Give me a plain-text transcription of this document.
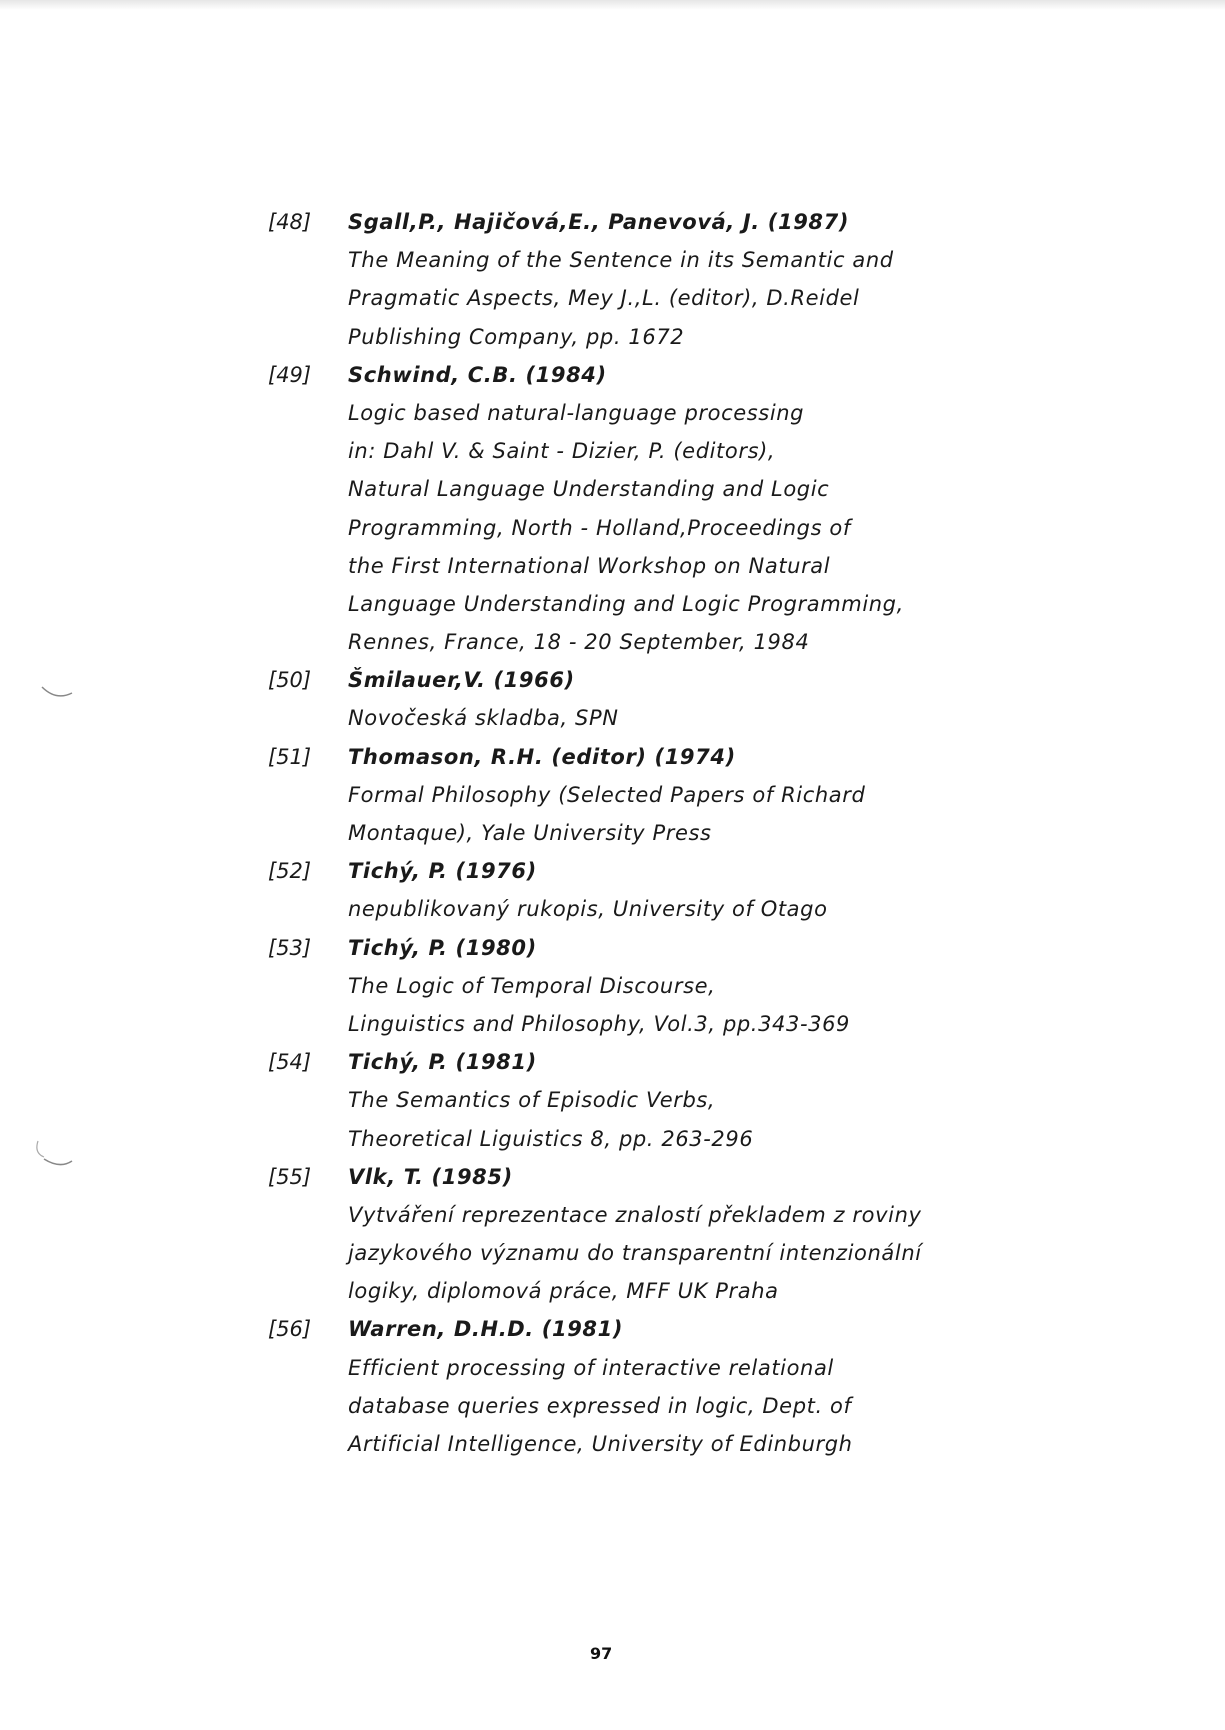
[48]	Sgall,P., Hajičová,E., Panevová, J. (1987)
The Meaning of the Sentence in its Semantic and
Pragmatic Aspects, Mey J.,L. (editor), D.Reidel
Publishing Company, pp. 1672
[49]	Schwind, C.B. (1984)
Logic based natural-language processing
in: Dahl V. & Saint - Dizier, P. (editors),
Natural Language Understanding and Logic
Programming, North - Holland,Proceedings of
the First International Workshop on Natural
Language Understanding and Logic Programming,
Rennes, France, 18 - 20 September, 1984
[50]	Šmilauer,V. (1966)
Novočeská skladba, SPN
[51]	Thomason, R.H. (editor) (1974)
Formal Philosophy (Selected Papers of Richard
Montaque), Yale University Press
[52]	Tichý, P. (1976)
nepublikovaný rukopis, University of Otago
[53]	Tichý, P. (1980)
The Logic of Temporal Discourse,
Linguistics and Philosophy, Vol.3, pp.343-369
[54]	Tichý, P. (1981)
The Semantics of Episodic Verbs,
Theoretical Liguistics 8, pp. 263-296
[55]	Vlk, T. (1985)
Vytváření reprezentace znalostí překladem z roviny
jazykového významu do transparentní intenzionální
logiky, diplomová práce, MFF UK Praha
[56]	Warren, D.H.D. (1981)
Efficient processing of interactive relational
database queries expressed in logic, Dept. of
Artificial Intelligence, University of Edinburgh
97
